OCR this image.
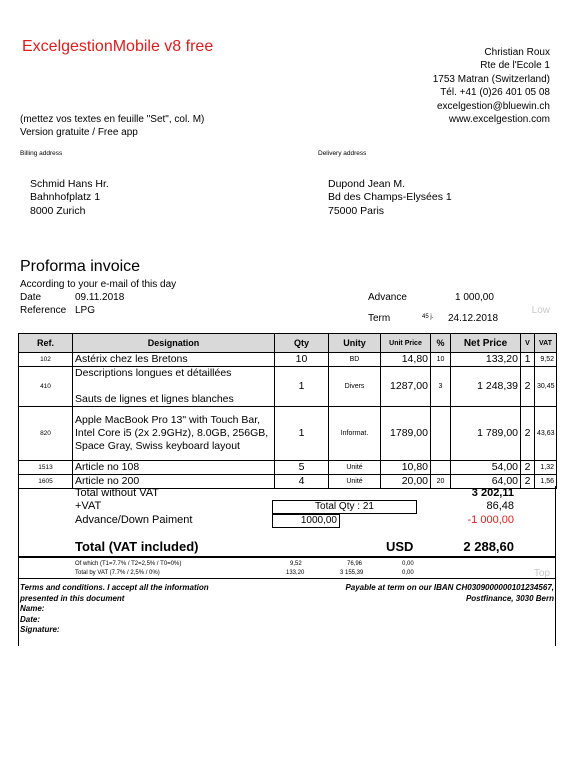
ExcelgestionMobile v8 free	Christian Roux
Rte de l'Ecole 1
1753 Matran (Switzerland)
Tél. +41 (0)26 401 05 08
excelgestion@bluewin.ch
www.excelgestion.com
(mettez vos textes en feuille "Set", col. M)
Version gratuite / Free app
Billing address	Delivery address
Schmid Hans Hr.
Bahnhofplatz 1
8000 Zurich
Dupond Jean M.
Bd des Champs-Elysées 1
75000 Paris
Proforma invoice
According to your e-mail of this day
Date	09.11.2018
Reference LPG
Advance	1 000,00
Term	45 j. 24.12.2018
Low
Ref.	Designation	Qty	Unity	Unit Price	%	Net Price	V	VAT
102	Astérix chez les Bretons	10	BD	14,80	10	133,20	1	9,52
410	Descriptions longues et détaillées

Sauts de lignes et lignes blanches	1	Divers	1287,00	3	1 248,39	2	30,45
820	Apple MacBook Pro 13" with Touch Bar, Intel Core i5 (2x 2.9GHz), 8.0GB, 256GB, Space Gray, Swiss keyboard layout	1	Informat.	1789,00		1 789,00	2	43,63
1513	Article no 108	5	Unité	10,80		54,00	2	1,32
1605	Article no 200	4	Unité	20,00	20	64,00	2	1,56
Total without VAT	3 202,11
+VAT	Total Qty : 21	86,48
Advance/Down Paiment	1000,00	-1 000,00
Total (VAT included)	USD	2 288,60
Of which (T1=7.7% / T2=2,5% / T0=0%)	9,52	76,96	0,00
Total by VAT (7.7% / 2,5% / 0%)	133,20	3 155,39	0,00	Top
Terms and conditions. I accept all the information
presented in this document
Name:
Date:
Signature:
Payable at term on our IBAN CH0309000000101234567,
Postfinance, 3030 Bern
